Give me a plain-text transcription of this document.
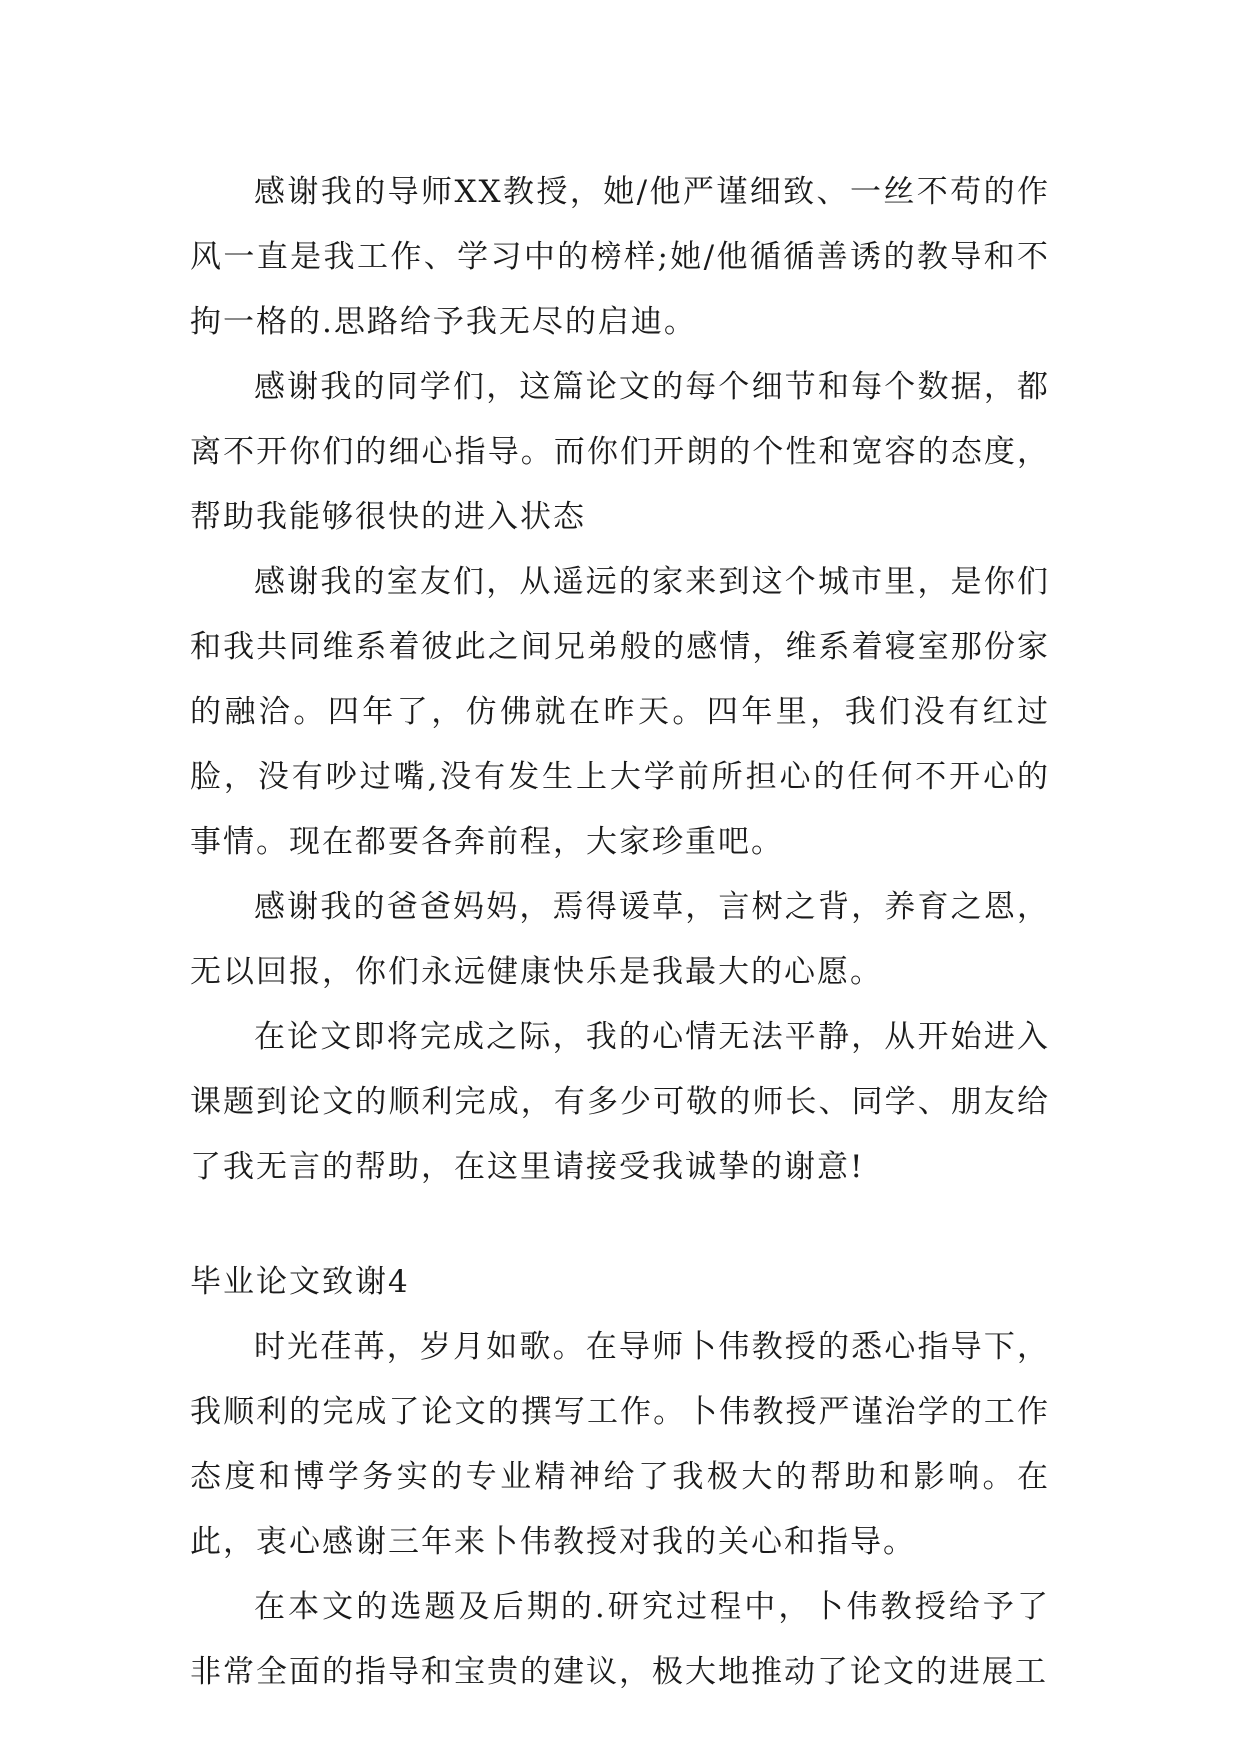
感谢我的导师XX教授，她/他严谨细致、一丝不苟的作风一直是我工作、学习中的榜样;她/他循循善诱的教导和不拘一格的.思路给予我无尽的启迪。

感谢我的同学们，这篇论文的每个细节和每个数据，都离不开你们的细心指导。而你们开朗的个性和宽容的态度，帮助我能够很快的进入状态

感谢我的室友们，从遥远的家来到这个城市里，是你们和我共同维系着彼此之间兄弟般的感情，维系着寝室那份家的融洽。四年了，仿佛就在昨天。四年里，我们没有红过脸，没有吵过嘴,没有发生上大学前所担心的任何不开心的事情。现在都要各奔前程，大家珍重吧。

感谢我的爸爸妈妈，焉得谖草，言树之背，养育之恩，无以回报，你们永远健康快乐是我最大的心愿。

在论文即将完成之际，我的心情无法平静，从开始进入课题到论文的顺利完成，有多少可敬的师长、同学、朋友给了我无言的帮助，在这里请接受我诚挚的谢意!

毕业论文致谢4

时光荏苒，岁月如歌。在导师卜伟教授的悉心指导下，我顺利的完成了论文的撰写工作。卜伟教授严谨治学的工作态度和博学务实的专业精神给了我极大的帮助和影响。在此，衷心感谢三年来卜伟教授对我的关心和指导。

在本文的选题及后期的.研究过程中，卜伟教授给予了非常全面的指导和宝贵的建议，极大地推动了论文的进展工
